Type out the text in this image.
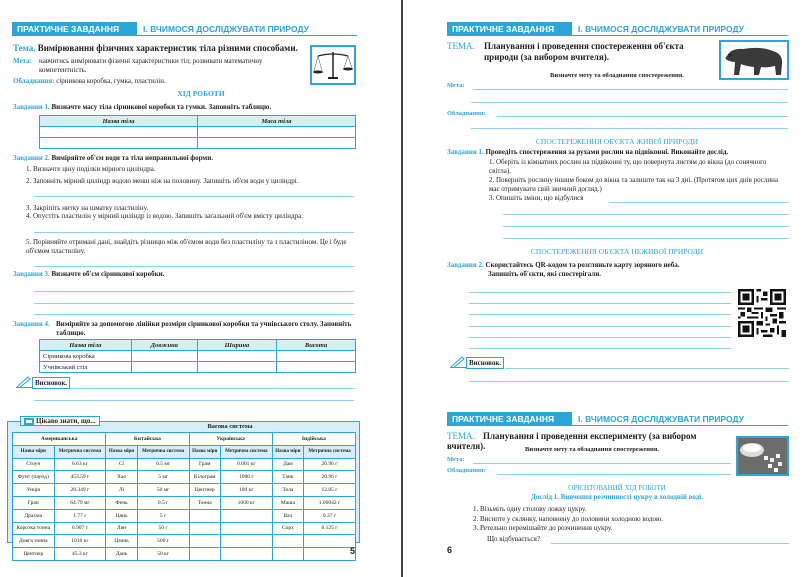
ПРАКТИЧНЕ ЗАВДАННЯ	І. ВЧИМОСЯ ДОСЛІДЖУВАТИ ПРИРОДУ
Тема. Вимірювання фізичних характеристик тіла різними способами.
Мета:	навчитись вимірювати фізичні характеристики тіл; розвивати математичну компетентність.
Обладнання: сірникова коробка, гумка, пластилін.
ХІД РОБОТИ
Завдання 1. Визначте масу тіла сірникової коробки та гумки. Заповніть таблицю.
Назва тіла	Маса тіла

Завдання 2. Виміряйте об'єм води та тіла неправильної форми.
1. Визначте ціну поділки мірного циліндра.
2. Заповніть мірний циліндр водою менш ніж на половину. Запишіть об'єм води у циліндрі.
3. Закріпіть нитку на шматку пластиліну.
4. Опустіть пластилін у мірний циліндр із водою. Запишіть загальний об'єм вмісту циліндра.
5. Порівняйте отримані дані, знайдіть різницю між об'ємом води без пластиліну та з пластиліном. Це і буде об'ємом пластиліну.
Завдання 3. Визначте об'см сірникової коробки.
Завдання 4. Виміряйте за допомогою лінійки розміри сірникової коробки та учнівського столу. Заповніть таблицю.
Назва тіла	Довжина	Ширина	Висота
Сірникова коробка			
Учнівський стіл			
Висновок.
Цікаво знати, що...
Вагова система
Американська		Китайська		Українська		Індійська	
Назва міри	Метрична система	Назва міри	Метрична система	Назва міри	Метрична система	Назва міри	Метрична система
Стоун	6.63 кг	Ci	0.5 мг	Грам	0.001 кг	Дам	20.96 г
Фунт (паунд)	453.59 г	Хао	5 мг	Кілограм	1000 г	Танк	20.96 г
Унція	28.349 г	Лі	50 мг	Центнер	100 кг	Тола	12.05 г
Гран	64.79 мг	Фень	0.5 г	Тонна	1000 кг	Маша	1.00042 г
Драхма	1.77 г	Цянь	5 г			Вал	0.37 г
Коротка тонна	0.907 т	Лян	50 г			Сорх	0.125 г
Довга тонна	1016 кг	Цзинь	500 г				
Центнер	45.3 кг	Дань	50 кг					5
ПРАКТИЧНЕ ЗАВДАННЯ	І. ВЧИМОСЯ ДОСЛІДЖУВАТИ ПРИРОДУ
ТЕМА.	Планування і проведення спостереження об'єкта природи (за вибором вчителя).
Визначте мету та обладнання спостереження.
Мета:
Обладнання:
СПОСТЕРЕЖЕННЯ ОБ'ЄКТА ЖИВОЇ ПРИРОДИ
Завдання 1. Проведіть спостереження за рухами рослин на підвіконні. Виконайте дослід.
1. Оберіть із кімнатних рослин на підвіконні ту, що повернута листям до вікна (до сонячного світла).
2. Поверніть рослину іншим боком до вікна та залиште так на 3 дні. (Протягом цих днів рослина має отримувати свій звичний догляд.)
3. Опишіть зміни, що відбулися
СПОСТЕРЕЖЕННЯ ОБ'ЄКТА НЕЖИВОЇ ПРИРОДИ
Завдання 2. Скористайтесь QR-кодом та розгляньте карту зоряного неба.
Запишіть об'єкти, які спостерігали.
Висновок.
ПРАКТИЧНЕ ЗАВДАННЯ	І. ВЧИМОСЯ ДОСЛІДЖУВАТИ ПРИРОДУ
ТЕМА. Планування і проведення експерименту (за вибором вчителя).	Визначте мету та обладнання спостереження.
Мета:
Обладнання:
ОРІЄНТОВАНИЙ ХІД РОБОТИ
Дослід 1. Вивчення розчинності цукру в холодній воді.
1. Візьміть одну столову ложку цукру.
2. Висипте у склянку, наповнену до половини холодною водою.
3. Ретельно перемішайте до розчинення цукру.
Що відбувається?
6
